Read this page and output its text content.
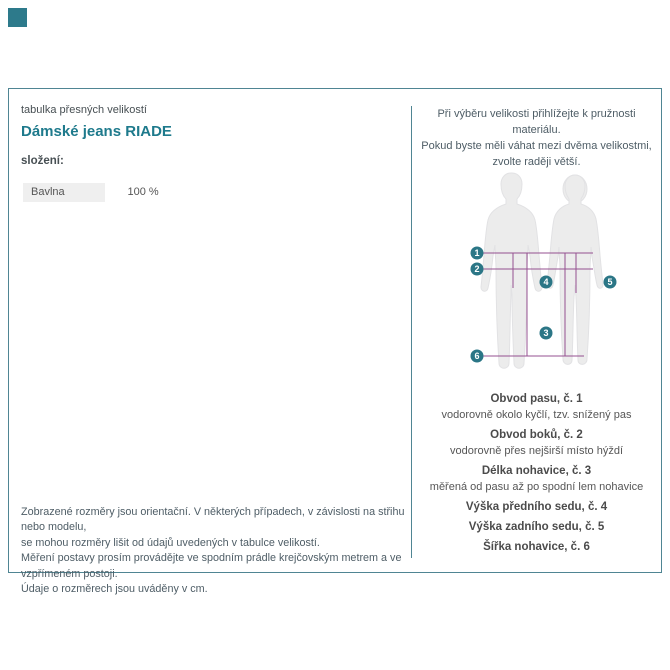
tabulka přesných velikostí
Dámské jeans RIADE
složení:
Bavlna	100 %
Zobrazené rozměry jsou orientační. V některých případech, v závislosti na střihu nebo modelu,
se mohou rozměry lišit od údajů uvedených v tabulce velikostí.
Měření postavy prosím provádějte ve spodním prádle krejčovským metrem a ve vzpřímeném postoji.
Údaje o rozměrech jsou uváděny v cm.
Při výběru velikosti přihlížejte k pružnosti materiálu.
Pokud byste měli váhat mezi dvěma velikostmi,
zvolte raději větší.
1
2
4	5
3
6
Obvod pasu, č. 1
vodorovně okolo kyčlí, tzv. snížený pas
Obvod boků, č. 2
vodorovně přes nejširší místo hýždí
Délka nohavice, č. 3
měřená od pasu až po spodní lem nohavice
Výška předního sedu, č. 4
Výška zadního sedu, č. 5
Šířka nohavice, č. 6
